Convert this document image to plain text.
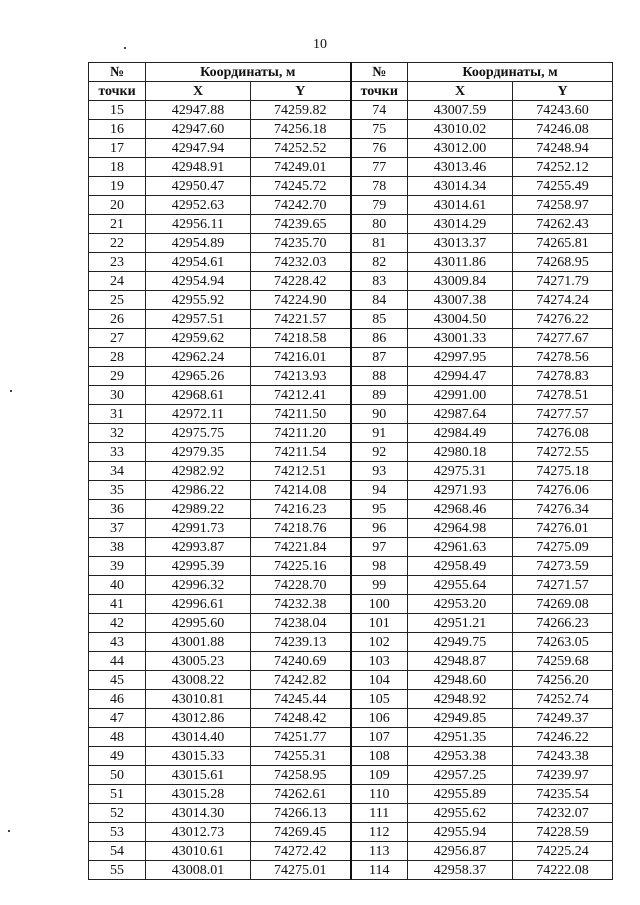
10
№	Координаты, м		№	Координаты, м	
точки	X	Y	точки	X	Y
15	42947.88	74259.82	74	43007.59	74243.60
16	42947.60	74256.18	75	43010.02	74246.08
17	42947.94	74252.52	76	43012.00	74248.94
18	42948.91	74249.01	77	43013.46	74252.12
19	42950.47	74245.72	78	43014.34	74255.49
20	42952.63	74242.70	79	43014.61	74258.97
21	42956.11	74239.65	80	43014.29	74262.43
22	42954.89	74235.70	81	43013.37	74265.81
23	42954.61	74232.03	82	43011.86	74268.95
24	42954.94	74228.42	83	43009.84	74271.79
25	42955.92	74224.90	84	43007.38	74274.24
26	42957.51	74221.57	85	43004.50	74276.22
27	42959.62	74218.58	86	43001.33	74277.67
28	42962.24	74216.01	87	42997.95	74278.56
29	42965.26	74213.93	88	42994.47	74278.83
30	42968.61	74212.41	89	42991.00	74278.51
31	42972.11	74211.50	90	42987.64	74277.57
32	42975.75	74211.20	91	42984.49	74276.08
33	42979.35	74211.54	92	42980.18	74272.55
34	42982.92	74212.51	93	42975.31	74275.18
35	42986.22	74214.08	94	42971.93	74276.06
36	42989.22	74216.23	95	42968.46	74276.34
37	42991.73	74218.76	96	42964.98	74276.01
38	42993.87	74221.84	97	42961.63	74275.09
39	42995.39	74225.16	98	42958.49	74273.59
40	42996.32	74228.70	99	42955.64	74271.57
41	42996.61	74232.38	100	42953.20	74269.08
42	42995.60	74238.04	101	42951.21	74266.23
43	43001.88	74239.13	102	42949.75	74263.05
44	43005.23	74240.69	103	42948.87	74259.68
45	43008.22	74242.82	104	42948.60	74256.20
46	43010.81	74245.44	105	42948.92	74252.74
47	43012.86	74248.42	106	42949.85	74249.37
48	43014.40	74251.77	107	42951.35	74246.22
49	43015.33	74255.31	108	42953.38	74243.38
50	43015.61	74258.95	109	42957.25	74239.97
51	43015.28	74262.61	110	42955.89	74235.54
52	43014.30	74266.13	111	42955.62	74232.07
53	43012.73	74269.45	112	42955.94	74228.59
54	43010.61	74272.42	113	42956.87	74225.24
55	43008.01	74275.01	114	42958.37	74222.08
